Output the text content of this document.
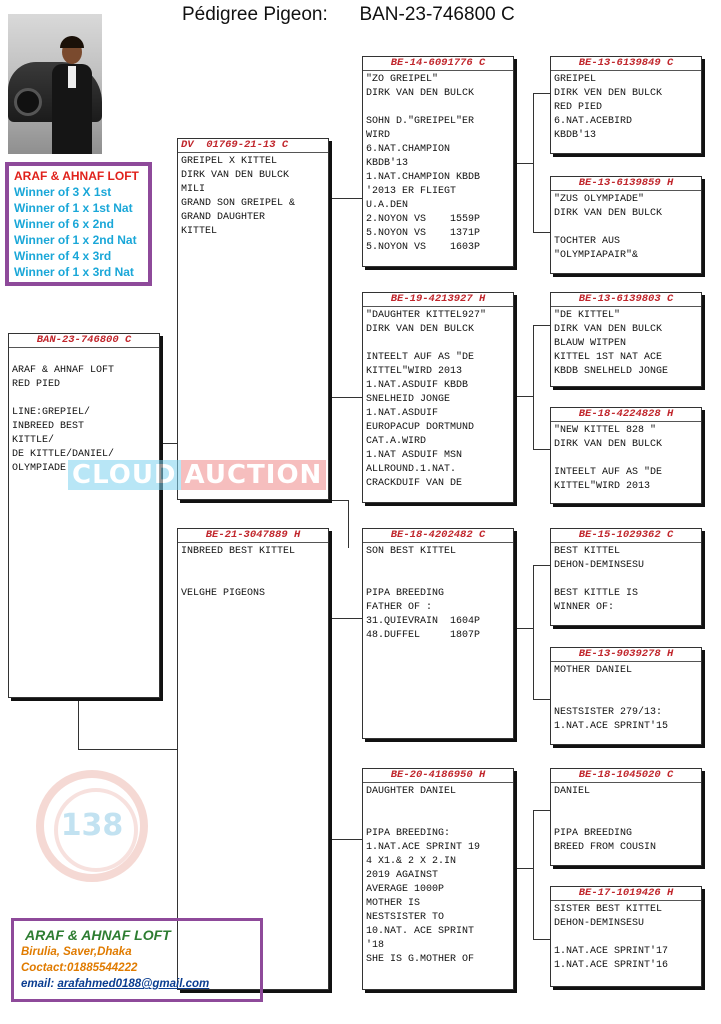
Pédigree Pigeon:      BAN-23-746800 C
ARAF & AHNAF LOFT
Winner of 3 X 1st
Winner of 1 x 1st Nat
Winner of 6 x 2nd
Winner of 1 x 2nd Nat
Winner of 4 x 3rd
Winner of 1 x 3rd Nat
BAN-23-746800 C
ARAF & AHNAF LOFT
RED PIED

LINE:GREPIEL/
INBREED BEST
KITTLE/
DE KITTLE/DANIEL/
OLYMPIADE
DV  01769-21-13 C
GREIPEL X KITTEL
DIRK VAN DEN BULCK
MILI
GRAND SON GREIPEL &
GRAND DAUGHTER
KITTEL
BE-21-3047889 H
INBREED BEST KITTEL

VELGHE PIGEONS
BE-14-6091776 C
"ZO GREIPEL"
DIRK VAN DEN BULCK

SOHN D."GREIPEL"ER
WIRD
6.NAT.CHAMPION
KBDB'13
1.NAT.CHAMPION KBDB
'2013 ER FLIEGT
U.A.DEN
2.NOYON VS    1559P
5.NOYON VS    1371P
5.NOYON VS    1603P
BE-19-4213927 H
"DAUGHTER KITTEL927"
DIRK VAN DEN BULCK

INTEELT AUF AS "DE
KITTEL"WIRD 2013
1.NAT.ASDUIF KBDB
SNELHEID JONGE
1.NAT.ASDUIF
EUROPACUP DORTMUND
CAT.A.WIRD
1.NAT ASDUIF MSN
ALLROUND.1.NAT.
CRACKDUIF VAN DE
BE-18-4202482 C
SON BEST KITTEL

PIPA BREEDING
FATHER OF :
31.QUIEVRAIN  1604P
48.DUFFEL     1807P
BE-20-4186950 H
DAUGHTER DANIEL

PIPA BREEDING:
1.NAT.ACE SPRINT 19
4 X1.& 2 X 2.IN
2019 AGAINST
AVERAGE 1000P
MOTHER IS
NESTSISTER TO
10.NAT. ACE SPRINT
'18
SHE IS G.MOTHER OF
BE-13-6139849 C
GREIPEL
DIRK VEN DEN BULCK
RED PIED
6.NAT.ACEBIRD
KBDB'13
BE-13-6139859 H
"ZUS OLYMPIADE"
DIRK VAN DEN BULCK

TOCHTER AUS
"OLYMPIAPAIR"&
BE-13-6139803 C
"DE KITTEL"
DIRK VAN DEN BULCK
BLAUW WITPEN
KITTEL 1ST NAT ACE
KBDB SNELHELD JONGE
BE-18-4224828 H
"NEW KITTEL 828 "
DIRK VAN DEN BULCK

INTEELT AUF AS "DE
KITTEL"WIRD 2013
BE-15-1029362 C
BEST KITTEL
DEHON-DEMINSESU

BEST KITTLE IS
WINNER OF:
BE-13-9039278 H
MOTHER DANIEL

NESTSISTER 279/13:
1.NAT.ACE SPRINT'15
BE-18-1045020 C
DANIEL

PIPA BREEDING
BREED FROM COUSIN
BE-17-1019426 H
SISTER BEST KITTEL
DEHON-DEMINSESU

1.NAT.ACE SPRINT'17
1.NAT.ACE SPRINT'16
CLOUD AUCTION
138
ARAF & AHNAF LOFT
Birulia, Saver,Dhaka
Coctact:01885544222
email: arafahmed0188@gmail.com
